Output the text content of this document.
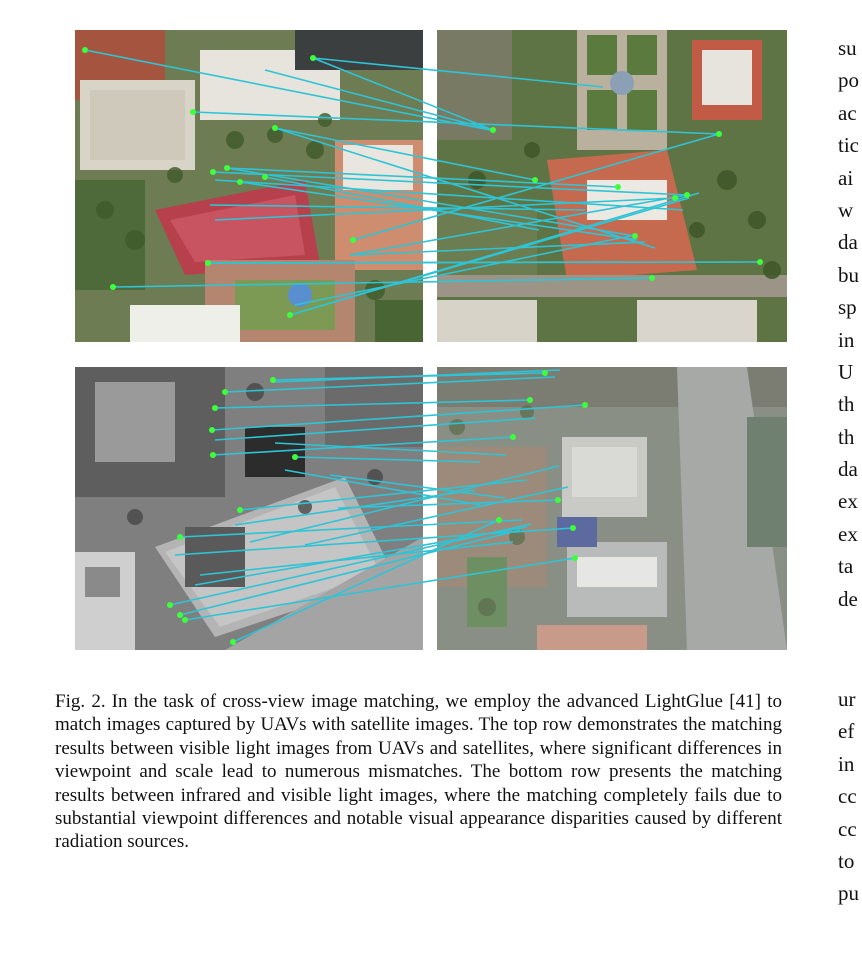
Fig. 2. In the task of cross-view image matching, we employ the advanced LightGlue [41] to match images captured by UAVs with satellite images. The top row demonstrates the matching results between visible light images from UAVs and satellites, where significant differences in viewpoint and scale lead to numerous mismatches. The bottom row presents the matching results between infrared and visible light images, where the matching completely fails due to substantial viewpoint differences and notable visual appearance disparities caused by different radiation sources.
su
po
ac
tic
ai
w
da
bu
sp
in
U
th
th
da
ex
ex
ta
de
ur
ef
in
cc
cc
to
pu
